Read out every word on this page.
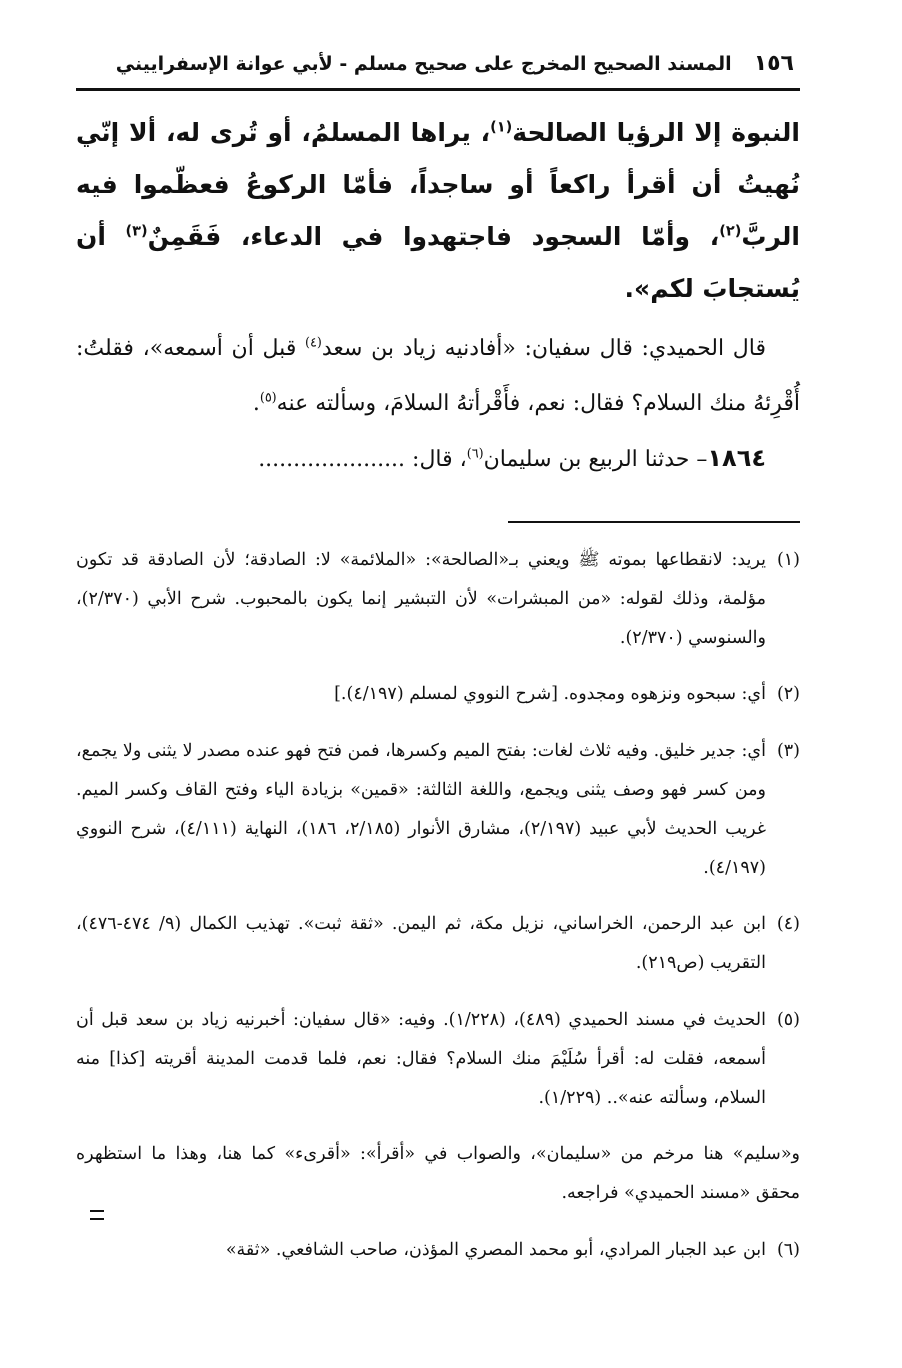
١٥٦
المسند الصحيح المخرج على صحيح مسلم - لأبي عوانة الإسفراييني

النبوة إلا الرؤيا الصالحة$^{(١)}$، يراها المسلمُ، أو تُرى له، ألا إنّي نُهيتُ أن أقرأ راكعاً أو ساجداً، فأمّا الركوعُ فعظّموا فيه الربَّ$^{(٢)}$، وأمّا السجود فاجتهدوا في الدعاء، فَقَمِنٌ$^{(٣)}$ أن يُستجابَ لكم».

قال الحميدي: قال سفيان: «أفادنيه زياد بن سعد$^{(٤)}$ قبل أن أسمعه»، فقلتُ: أُقْرِئهُ منك السلام؟ فقال: نعم، فأَقْرأتهُ السلامَ، وسألته عنه$^{(٥)}$.

١٨٦٤– حدثنا الربيع بن سليمان$^{(٦)}$، قال: .....................

(١)يريد: لانقطاعها بموته ﷺ ويعني بـ«الصالحة»: «الملائمة» لا: الصادقة؛ لأن الصادقة قد تكون مؤلمة، وذلك لقوله: «من المبشرات» لأن التبشير إنما يكون بالمحبوب. شرح الأبي (٢/٣٧٠)، والسنوسي (٢/٣٧٠).

(٢)أي: سبحوه ونزهوه ومجدوه. [شرح النووي لمسلم (٤/١٩٧).]

(٣)أي: جدير خليق. وفيه ثلاث لغات: بفتح الميم وكسرها، فمن فتح فهو عنده مصدر لا يثنى ولا يجمع، ومن كسر فهو وصف يثنى ويجمع، واللغة الثالثة: «قمين» بزيادة الياء وفتح القاف وكسر الميم. غريب الحديث لأبي عبيد (٢/١٩٧)، مشارق الأنوار (٢/١٨٥، ١٨٦)، النهاية (٤/١١١)، شرح النووي (٤/١٩٧).

(٤)ابن عبد الرحمن، الخراساني، نزيل مكة، ثم اليمن. «ثقة ثبت». تهذيب الكمال (٩/ ٤٧٤-٤٧٦)، التقريب (ص٢١٩).

(٥)الحديث في مسند الحميدي (٤٨٩)، (١/٢٢٨). وفيه: «قال سفيان: أخبرنيه زياد بن سعد قبل أن أسمعه، فقلت له: أقرأ سُلَيْمَ منك السلام؟ فقال: نعم، فلما قدمت المدينة أقريته [كذا] منه السلام، وسألته عنه».. (١/٢٢٩).

و«سليم» هنا مرخم من «سليمان»، والصواب في «أقرأ»: «أقرىء» كما هنا، وهذا ما استظهره محقق «مسند الحميدي» فراجعه.

(٦)ابن عبد الجبار المرادي، أبو محمد المصري المؤذن، صاحب الشافعي. «ثقة»
